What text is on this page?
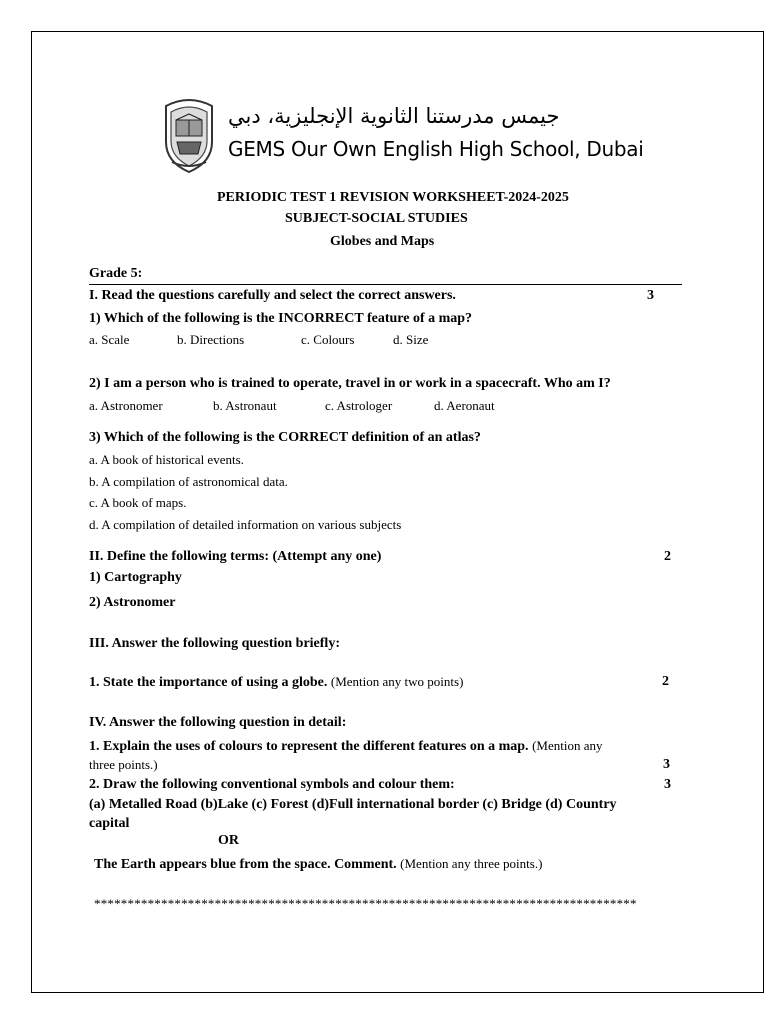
جيمس مدرستنا الثانوية الإنجليزية، دبي
GEMS Our Own English High School, Dubai
PERIODIC TEST 1 REVISION WORKSHEET-2024-2025
SUBJECT-SOCIAL STUDIES
Globes and Maps
Grade 5:
I. Read the questions carefully and select the correct answers.	3
1) Which of the following is the INCORRECT feature of a map?
a. Scale	b. Directions	c. Colours	d. Size
2) I am a person who is trained to operate, travel in or work in a spacecraft. Who am I?
a. Astronomer	b. Astronaut	c. Astrologer	d. Aeronaut
3) Which of the following is the CORRECT definition of an atlas?
a. A book of historical events.
b. A compilation of astronomical data.
c. A book of maps.
d. A compilation of detailed information on various subjects
II. Define the following terms: (Attempt any one)	2
1) Cartography
2) Astronomer
III. Answer the following question briefly:
1. State the importance of using a globe. (Mention any two points)	2
IV. Answer the following question in detail:
1. Explain the uses of colours to represent the different features on a map. (Mention any
three points.)	3
2. Draw the following conventional symbols and colour them:	3
(a) Metalled Road (b)Lake (c) Forest (d)Full international border (c) Bridge (d) Country
capital
OR
The Earth appears blue from the space. Comment. (Mention any three points.)
*********************************************************************************
